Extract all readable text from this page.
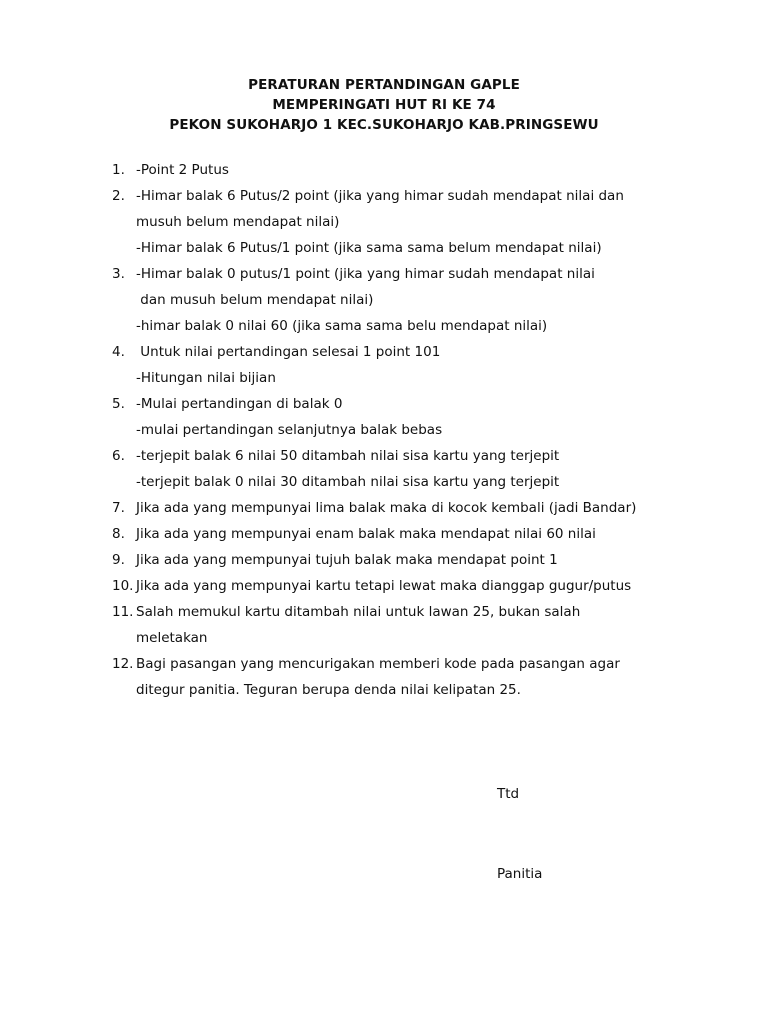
PERATURAN PERTANDINGAN GAPLE
MEMPERINGATI HUT RI KE 74
PEKON SUKOHARJO 1 KEC.SUKOHARJO KAB.PRINGSEWU
1. -Point 2 Putus
2. -Himar balak 6 Putus/2 point (jika yang himar sudah mendapat nilai dan
musuh belum mendapat nilai)
-Himar balak 6 Putus/1 point (jika sama sama belum mendapat nilai)
3. -Himar balak 0 putus/1 point (jika yang himar sudah mendapat nilai
dan musuh belum mendapat nilai)
-himar balak 0 nilai 60 (jika sama sama belu mendapat nilai)
4. Untuk nilai pertandingan selesai 1 point 101
-Hitungan nilai bijian
5. -Mulai pertandingan di balak 0
-mulai pertandingan selanjutnya balak bebas
6. -terjepit balak 6 nilai 50 ditambah nilai sisa kartu yang terjepit
-terjepit balak 0 nilai 30 ditambah nilai sisa kartu yang terjepit
7. Jika ada yang mempunyai lima balak maka di kocok kembali (jadi Bandar)
8. Jika ada yang mempunyai enam balak maka mendapat nilai 60 nilai
9. Jika ada yang mempunyai tujuh balak maka mendapat point 1
10. Jika ada yang mempunyai kartu tetapi lewat maka dianggap gugur/putus
11. Salah memukul kartu ditambah nilai untuk lawan 25, bukan salah
meletakan
12. Bagi pasangan yang mencurigakan memberi kode pada pasangan agar
ditegur panitia. Teguran berupa denda nilai kelipatan 25.
Ttd
Panitia
